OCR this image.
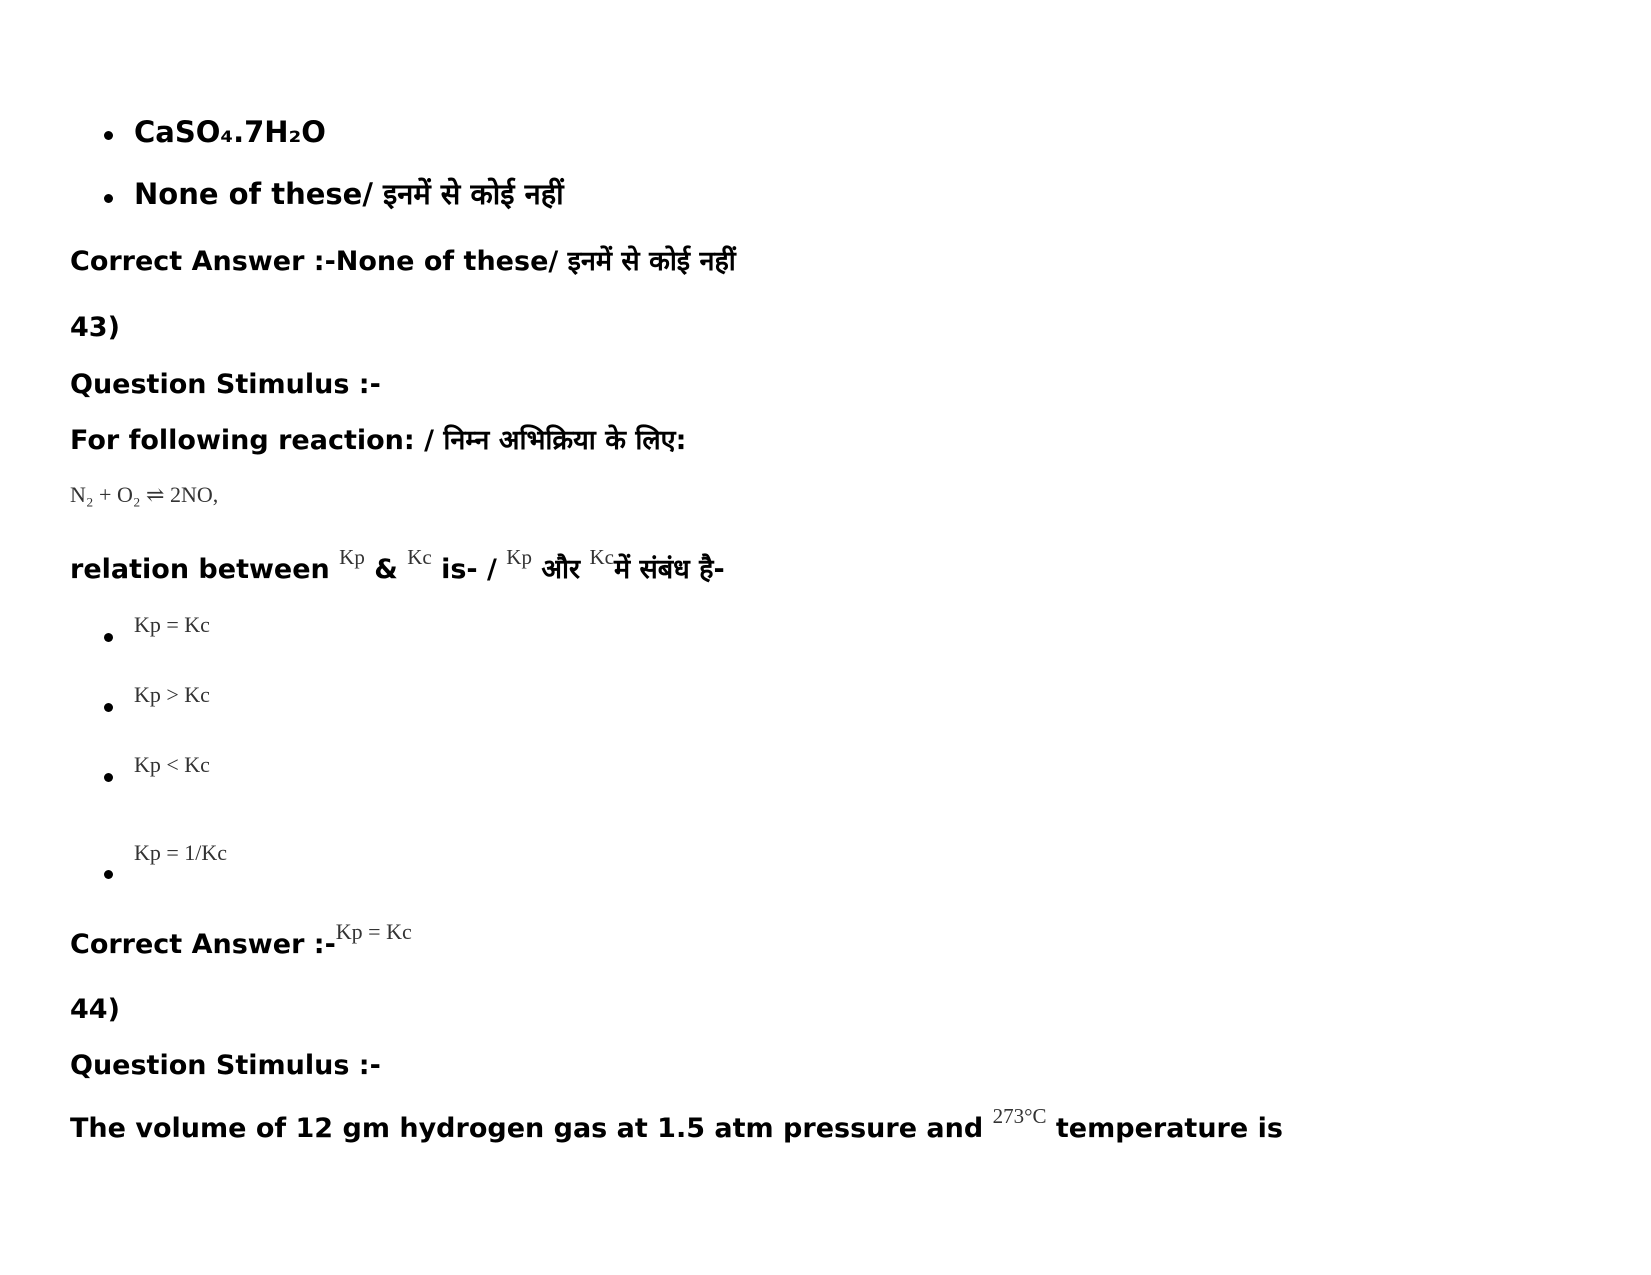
CaSO₄.7H₂O
None of these/ इनमें से कोई नहीं
Correct Answer :-None of these/ इनमें से कोई नहीं
43)
Question Stimulus :-
For following reaction: / निम्न अभिक्रिया के लिए:
N₂ + O₂ ⇌ 2NO,
relation between $^{Kp}$ & $^{Kc}$ is- / $^{Kp}$ और $^{Kc}$में संबंध है-
Kp = Kc
Kp > Kc
Kp < Kc
Kp = 1/Kc
Correct Answer :-$^{Kp = Kc}$
44)
Question Stimulus :-
The volume of 12 gm hydrogen gas at 1.5 atm pressure and $^{273^\circ C}$ temperature is
